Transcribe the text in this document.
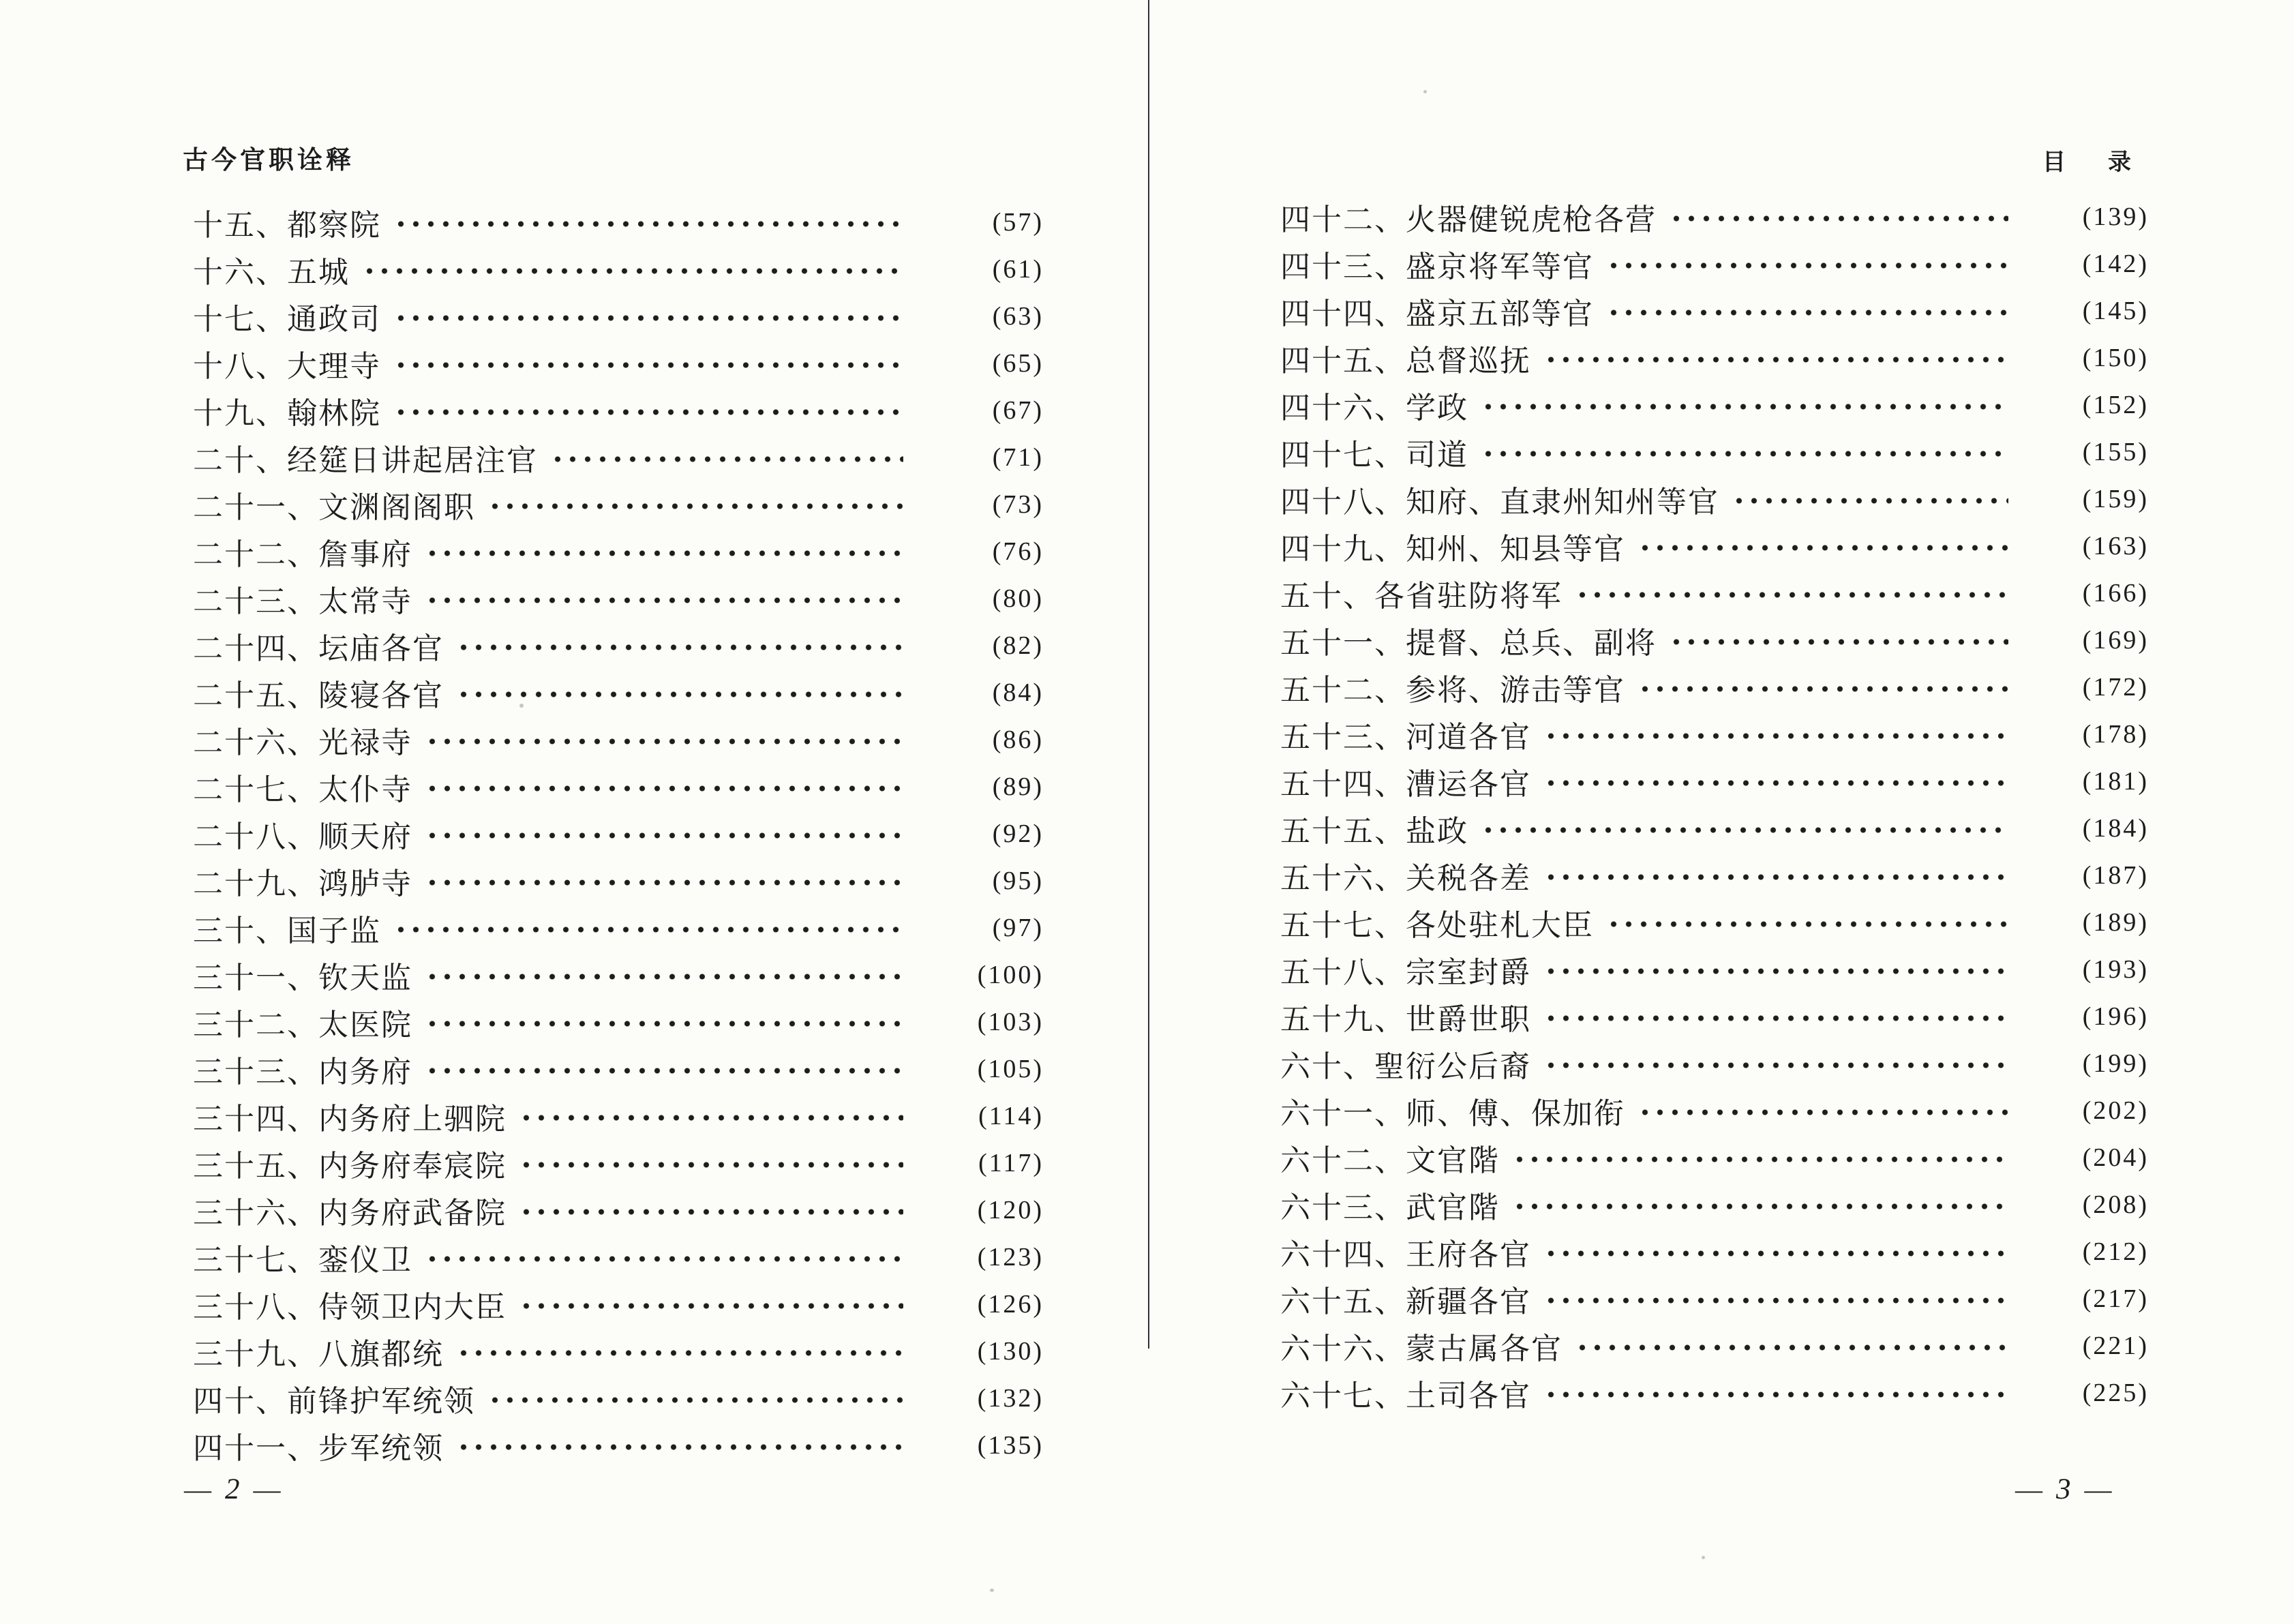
古今官职诠释
十五、都察院	(57)
十六、五城	(61)
十七、通政司	(63)
十八、大理寺	(65)
十九、翰林院	(67)
二十、经筵日讲起居注官	(71)
二十一、文渊阁阁职	(73)
二十二、詹事府	(76)
二十三、太常寺	(80)
二十四、坛庙各官	(82)
二十五、陵寝各官	(84)
二十六、光禄寺	(86)
二十七、太仆寺	(89)
二十八、顺天府	(92)
二十九、鸿胪寺	(95)
三十、国子监	(97)
三十一、钦天监	(100)
三十二、太医院	(103)
三十三、内务府	(105)
三十四、内务府上驷院	(114)
三十五、内务府奉宸院	(117)
三十六、内务府武备院	(120)
三十七、銮仪卫	(123)
三十八、侍领卫内大臣	(126)
三十九、八旗都统	(130)
四十、前锋护军统领	(132)
四十一、步军统领	(135)
— 2 —
目　录
四十二、火器健锐虎枪各营	(139)
四十三、盛京将军等官	(142)
四十四、盛京五部等官	(145)
四十五、总督巡抚	(150)
四十六、学政	(152)
四十七、司道	(155)
四十八、知府、直隶州知州等官	(159)
四十九、知州、知县等官	(163)
五十、各省驻防将军	(166)
五十一、提督、总兵、副将	(169)
五十二、参将、游击等官	(172)
五十三、河道各官	(178)
五十四、漕运各官	(181)
五十五、盐政	(184)
五十六、关税各差	(187)
五十七、各处驻札大臣	(189)
五十八、宗室封爵	(193)
五十九、世爵世职	(196)
六十、聖衍公后裔	(199)
六十一、师、傅、保加衔	(202)
六十二、文官階	(204)
六十三、武官階	(208)
六十四、王府各官	(212)
六十五、新疆各官	(217)
六十六、蒙古属各官	(221)
六十七、土司各官	(225)
— 3 —
